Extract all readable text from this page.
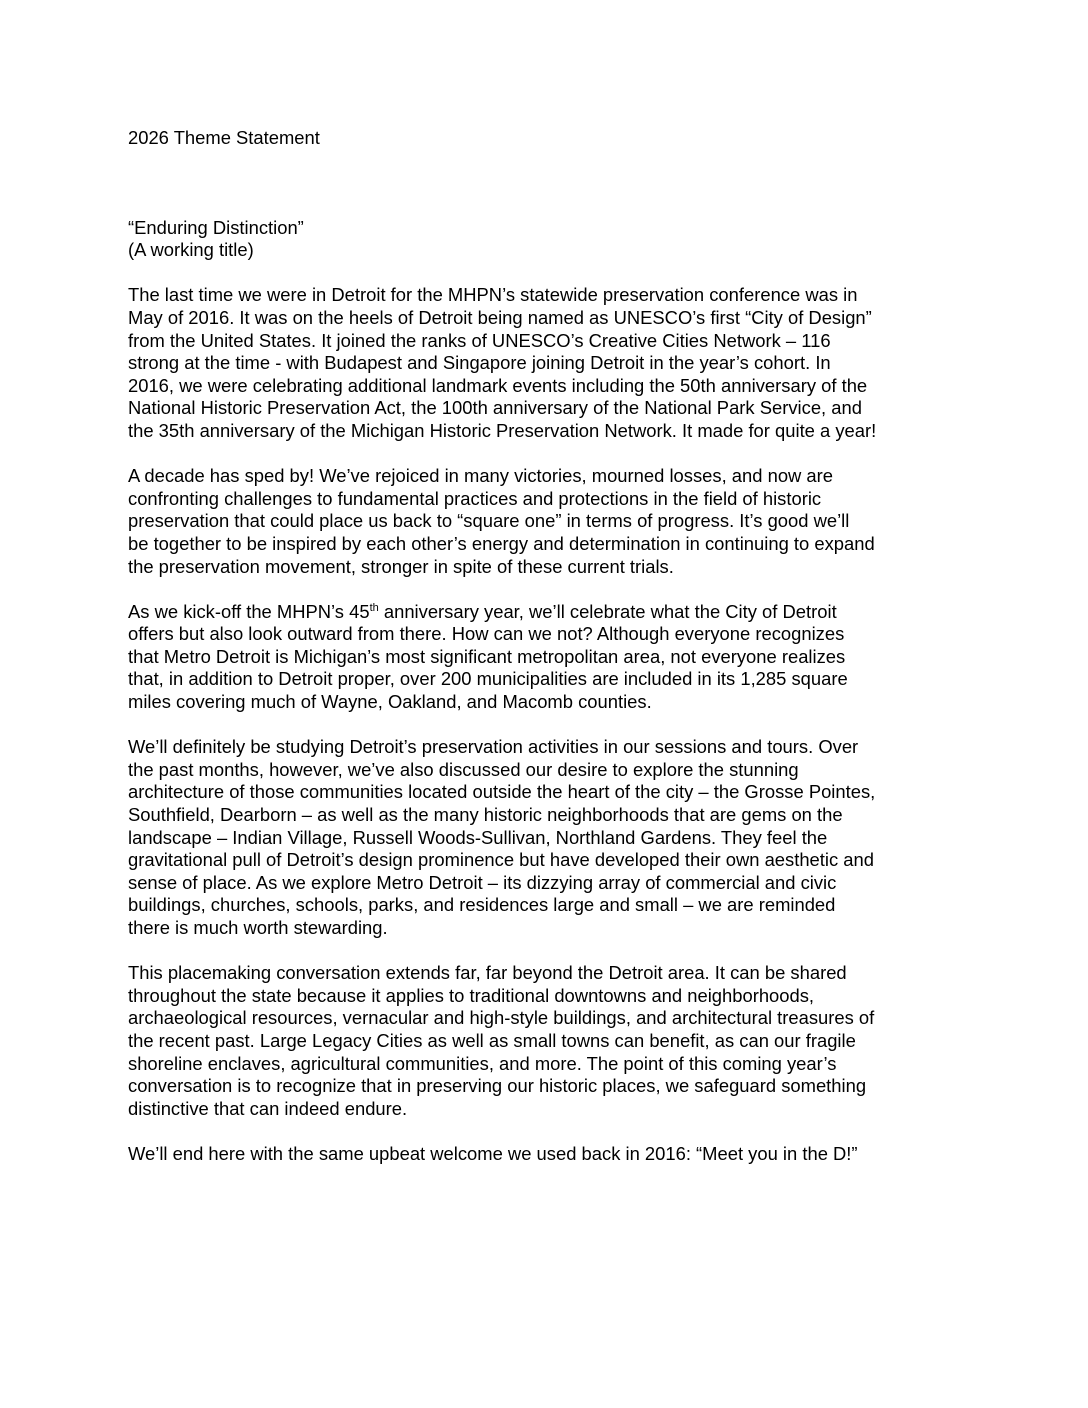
2026 Theme Statement

“Enduring Distinction”

(A working title)

The last time we were in Detroit for the MHPN’s statewide preservation conference was in
May of 2016. It was on the heels of Detroit being named as UNESCO’s first “City of Design”
from the United States. It joined the ranks of UNESCO’s Creative Cities Network – 116
strong at the time - with Budapest and Singapore joining Detroit in the year’s cohort. In
2016, we were celebrating additional landmark events including the 50th anniversary of the
National Historic Preservation Act, the 100th anniversary of the National Park Service, and
the 35th anniversary of the Michigan Historic Preservation Network. It made for quite a year!
A decade has sped by! We’ve rejoiced in many victories, mourned losses, and now are
confronting challenges to fundamental practices and protections in the field of historic
preservation that could place us back to “square one” in terms of progress. It’s good we’ll
be together to be inspired by each other’s energy and determination in continuing to expand
the preservation movement, stronger in spite of these current trials.
As we kick-off the MHPN’s 45th anniversary year, we’ll celebrate what the City of Detroit
offers but also look outward from there. How can we not? Although everyone recognizes
that Metro Detroit is Michigan’s most significant metropolitan area, not everyone realizes
that, in addition to Detroit proper, over 200 municipalities are included in its 1,285 square
miles covering much of Wayne, Oakland, and Macomb counties.
We’ll definitely be studying Detroit’s preservation activities in our sessions and tours. Over
the past months, however, we’ve also discussed our desire to explore the stunning
architecture of those communities located outside the heart of the city – the Grosse Pointes,
Southfield, Dearborn – as well as the many historic neighborhoods that are gems on the
landscape – Indian Village, Russell Woods-Sullivan, Northland Gardens. They feel the
gravitational pull of Detroit’s design prominence but have developed their own aesthetic and
sense of place. As we explore Metro Detroit – its dizzying array of commercial and civic
buildings, churches, schools, parks, and residences large and small – we are reminded
there is much worth stewarding.
This placemaking conversation extends far, far beyond the Detroit area. It can be shared
throughout the state because it applies to traditional downtowns and neighborhoods,
archaeological resources, vernacular and high-style buildings, and architectural treasures of
the recent past. Large Legacy Cities as well as small towns can benefit, as can our fragile
shoreline enclaves, agricultural communities, and more. The point of this coming year’s
conversation is to recognize that in preserving our historic places, we safeguard something
distinctive that can indeed endure.
We’ll end here with the same upbeat welcome we used back in 2016: “Meet you in the D!”
